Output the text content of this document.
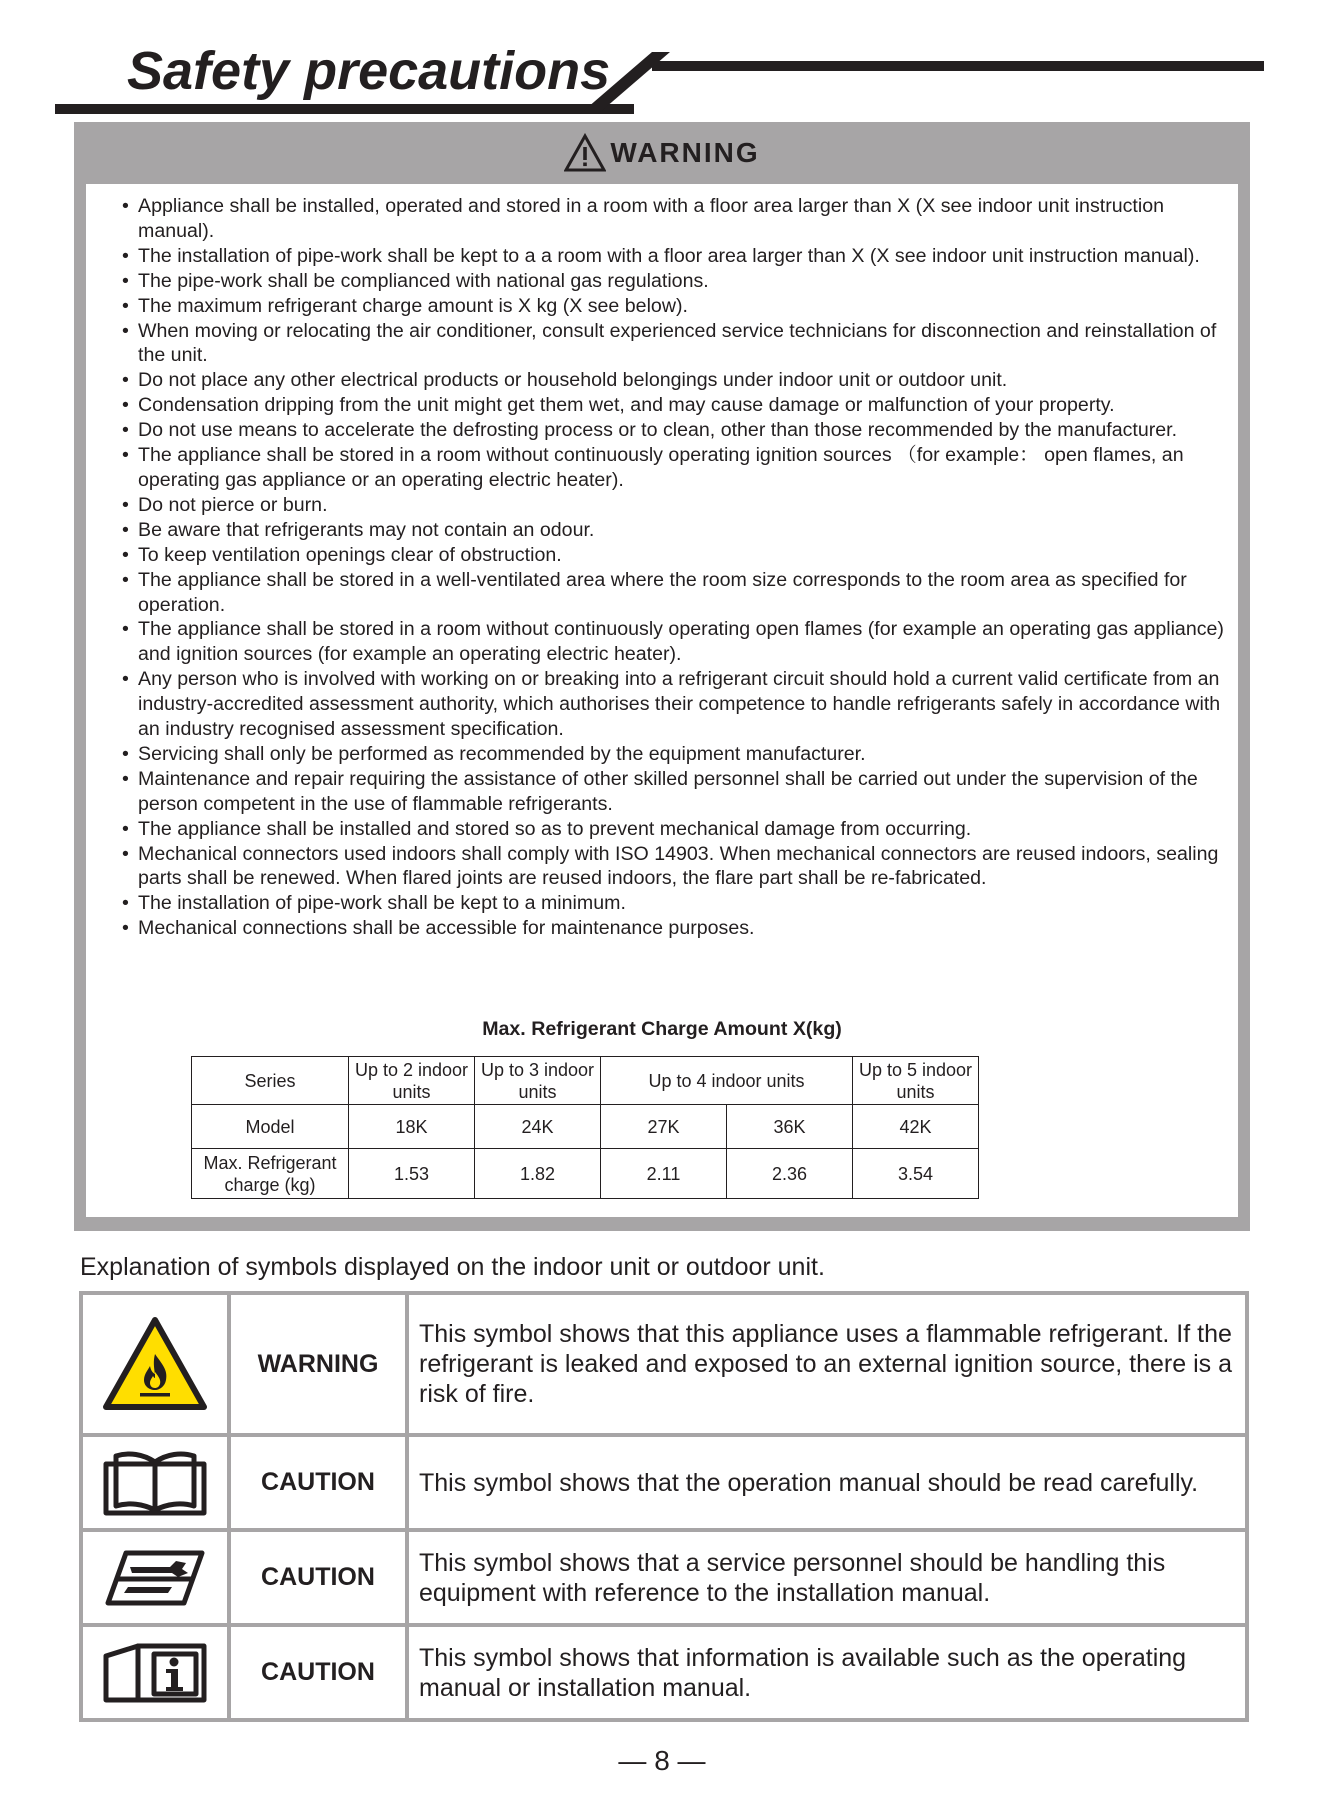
Safety precautions
WARNING
• Appliance shall be installed, operated and stored in a room with a floor area larger than X (X see indoor unit instruction manual).
• The installation of pipe-work shall be kept to a a room with a floor area larger than X (X see indoor unit instruction manual).
• The pipe-work shall be complianced with national gas regulations.
• The maximum refrigerant charge amount is X kg (X see below).
• When moving or relocating the air conditioner, consult experienced service technicians for disconnection and reinstallation of the unit.
• Do not place any other electrical products or household belongings under indoor unit or outdoor unit.
• Condensation dripping from the unit might get them wet, and may cause damage or malfunction of your property.
• Do not use means to accelerate the defrosting process or to clean, other than those recommended by the manufacturer.
• The appliance shall be stored in a room without continuously operating ignition sources （for example： open flames, an operating gas appliance or an operating electric heater).
• Do not pierce or burn.
• Be aware that refrigerants may not contain an odour.
• To keep ventilation openings clear of obstruction.
• The appliance shall be stored in a well-ventilated area where the room size corresponds to the room area as specified for operation.
• The appliance shall be stored in a room without continuously operating open flames (for example an operating gas appliance) and ignition sources (for example an operating electric heater).
• Any person who is involved with working on or breaking into a refrigerant circuit should hold a current valid certificate from an industry-accredited assessment authority, which authorises their competence to handle refrigerants safely in accordance with an industry recognised assessment specification.
• Servicing shall only be performed as recommended by the equipment manufacturer.
• Maintenance and repair requiring the assistance of other skilled personnel shall be carried out under the supervision of the person competent in the use of flammable refrigerants.
• The appliance shall be installed and stored so as to prevent mechanical damage from occurring.
• Mechanical connectors used indoors shall comply with ISO 14903. When mechanical connectors are reused indoors, sealing parts shall be renewed. When flared joints are reused indoors, the flare part shall be re-fabricated.
• The installation of pipe-work shall be kept to a minimum.
• Mechanical connections shall be accessible for maintenance purposes.
Max. Refrigerant Charge Amount X(kg)
Series	Up to 2 indoor units	Up to 3 indoor units	Up to 4 indoor units		Up to 5 indoor units
Model	18K	24K	27K	36K	42K
Max. Refrigerant charge (kg)	1.53	1.82	2.11	2.36	3.54
Explanation of symbols displayed on the indoor unit or outdoor unit.
	WARNING	This symbol shows that this appliance uses a flammable refrigerant. If the refrigerant is leaked and exposed to an external ignition source, there is a risk of fire.
	CAUTION	This symbol shows that the operation manual should be read carefully.
	CAUTION	This symbol shows that a service personnel should be handling this equipment with reference to the installation manual.
	CAUTION	This symbol shows that information is available such as the operating manual or installation manual.
— 8 —
